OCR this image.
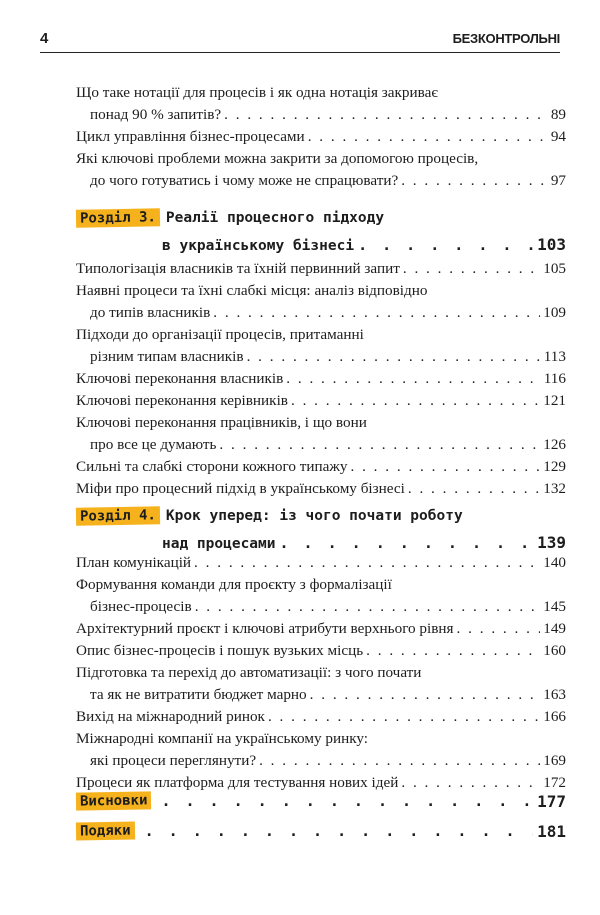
4	БЕЗКОНТРОЛЬНІ
Що таке нотації для процесів і як одна нотація закриває
понад 90 % запитів? . . .	89
Цикл управління бізнес-процесами . . .	94
Які ключові проблеми можна закрити за допомогою процесів,
до чого готуватись і чому може не спрацювати? . . .	97
Розділ 3. Реалії процесного підходу
в українському бізнесі . . .	103
Типологізація власників та їхній первинний запит . . .	105
Наявні процеси та їхні слабкі місця: аналіз відповідно
до типів власників . . .	109
Підходи до організації процесів, притаманні
різним типам власників . . .	113
Ключові переконання власників . . .	116
Ключові переконання керівників . . .	121
Ключові переконання працівників, і що вони
про все це думають . . .	126
Сильні та слабкі сторони кожного типажу . . .	129
Міфи про процесний підхід в українському бізнесі . . .	132
Розділ 4. Крок уперед: із чого почати роботу
над процесами . . .	139
План комунікацій . . .	140
Формування команди для проєкту з формалізації
бізнес-процесів . . .	145
Архітектурний проєкт і ключові атрибути верхнього рівня . . .	149
Опис бізнес-процесів і пошук вузьких місць . . .	160
Підготовка та перехід до автоматизації: з чого почати
та як не витратити бюджет марно . . .	163
Вихід на міжнародний ринок . . .	166
Міжнародні компанії на українському ринку:
які процеси переглянути? . . .	169
Процеси як платформа для тестування нових ідей . . .	172
Висновки . . .	177
Подяки . . .	181
